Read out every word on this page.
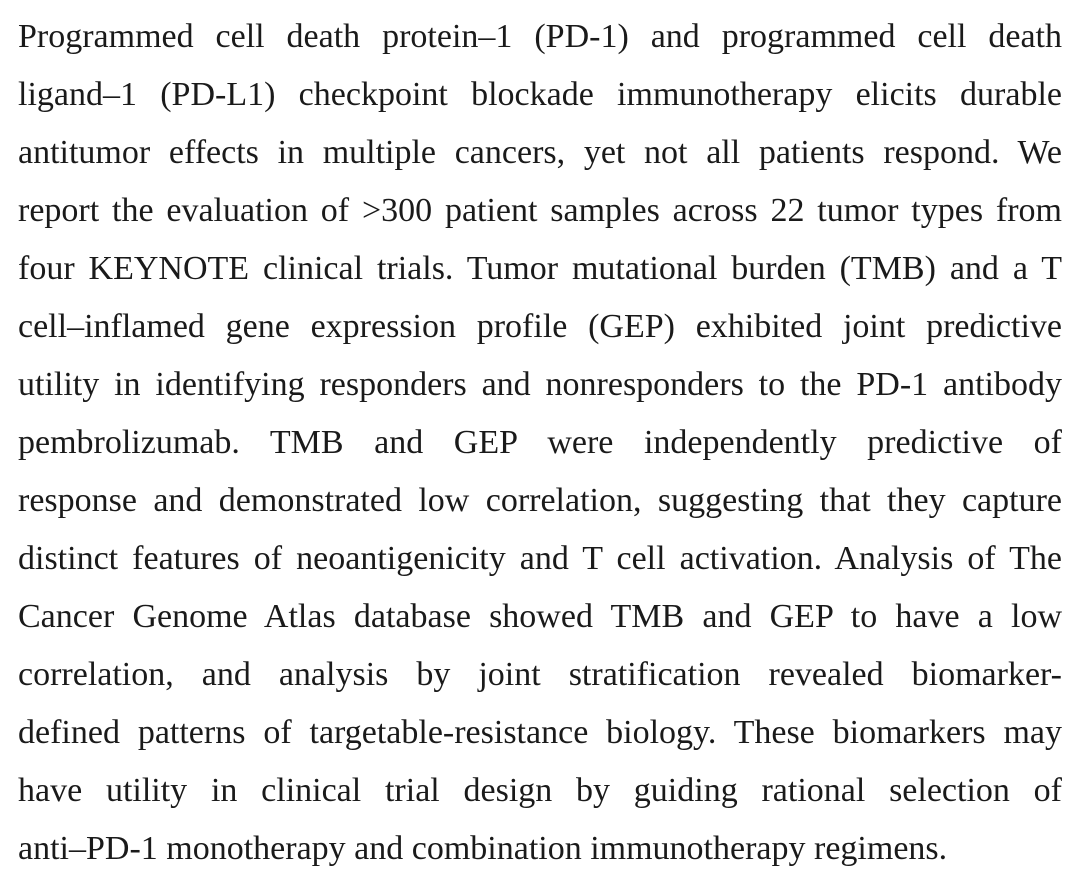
Programmed cell death protein–1 (PD-1) and programmed cell death
ligand–1 (PD-L1) checkpoint blockade immunotherapy elicits durable
antitumor effects in multiple cancers, yet not all patients respond. We
report the evaluation of >300 patient samples across 22 tumor types from
four KEYNOTE clinical trials. Tumor mutational burden (TMB) and a T
cell–inflamed gene expression profile (GEP) exhibited joint predictive
utility in identifying responders and nonresponders to the PD-1 antibody
pembrolizumab. TMB and GEP were independently predictive of
response and demonstrated low correlation, suggesting that they capture
distinct features of neoantigenicity and T cell activation. Analysis of The
Cancer Genome Atlas database showed TMB and GEP to have a low
correlation, and analysis by joint stratification revealed biomarker-
defined patterns of targetable-resistance biology. These biomarkers may
have utility in clinical trial design by guiding rational selection of
anti–PD-1 monotherapy and combination immunotherapy regimens.
